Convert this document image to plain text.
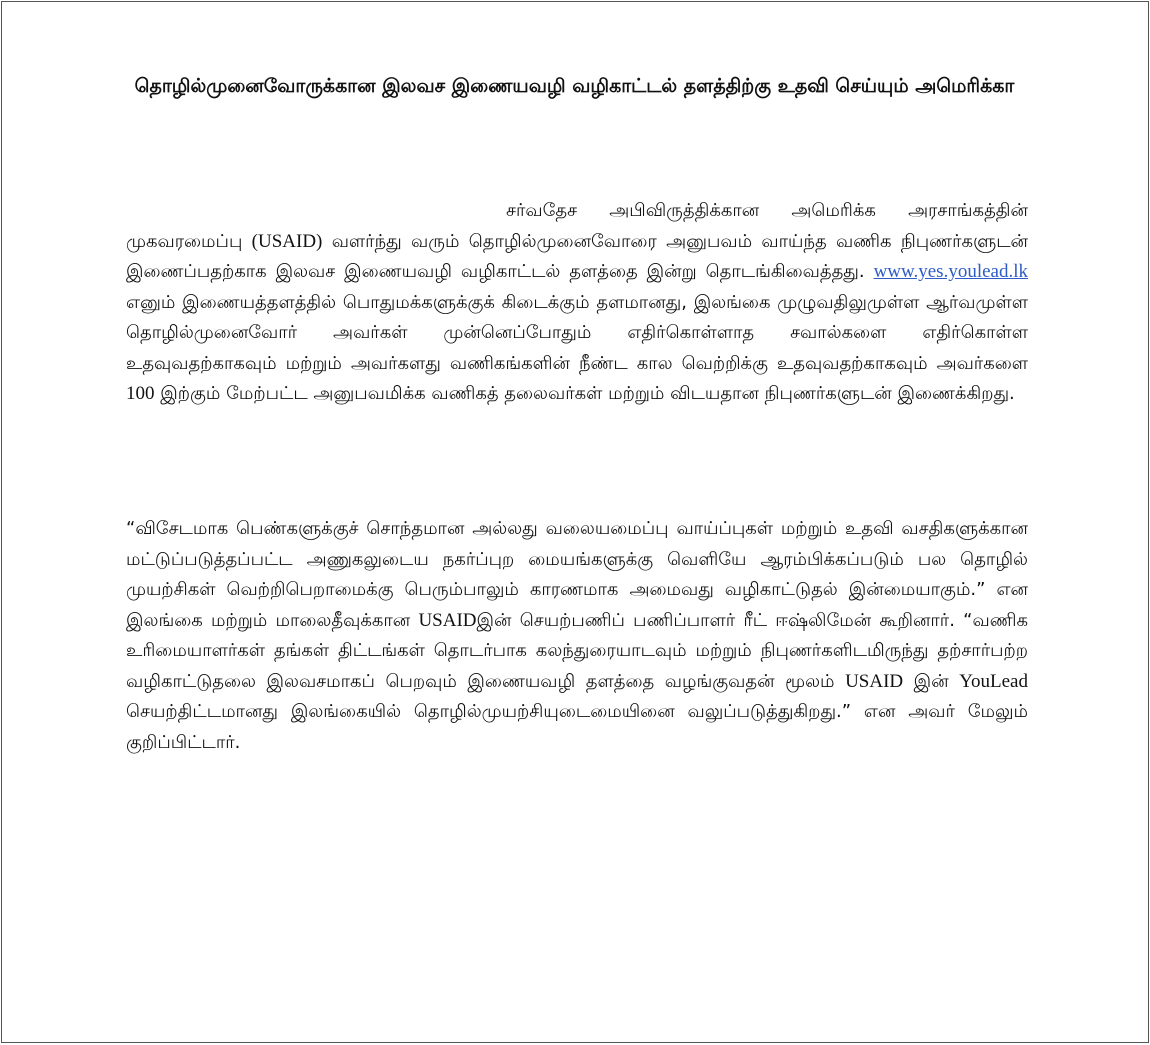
தொழில்முனைவோருக்கான இலவச இணையவழி வழிகாட்டல் தளத்திற்கு உதவி செய்யும் அமெரிக்கா

சர்வதேச அபிவிருத்திக்கான அமெரிக்க அரசாங்கத்தின் முகவரமைப்பு (USAID) வளர்ந்து வரும் தொழில்முனைவோரை அனுபவம் வாய்ந்த வணிக நிபுணர்களுடன் இணைப்பதற்காக இலவச இணையவழி வழிகாட்டல் தளத்தை இன்று தொடங்கிவைத்தது. www.yes.youlead.lk எனும் இணையத்தளத்தில் பொதுமக்களுக்குக் கிடைக்கும் தளமானது, இலங்கை முழுவதிலுமுள்ள ஆர்வமுள்ள தொழில்முனைவோர் அவர்கள் முன்னெப்போதும் எதிர்கொள்ளாத சவால்களை எதிர்கொள்ள உதவுவதற்காகவும் மற்றும் அவர்களது வணிகங்களின் நீண்ட கால வெற்றிக்கு உதவுவதற்காகவும் அவர்களை 100 இற்கும் மேற்பட்ட அனுபவமிக்க வணிகத் தலைவர்கள் மற்றும் விடயதான நிபுணர்களுடன் இணைக்கிறது.

“விசேடமாக பெண்களுக்குச் சொந்தமான அல்லது வலையமைப்பு வாய்ப்புகள் மற்றும் உதவி வசதிகளுக்கான மட்டுப்படுத்தப்பட்ட அணுகலுடைய நகர்ப்புற மையங்களுக்கு வெளியே ஆரம்பிக்கப்படும் பல தொழில் முயற்சிகள் வெற்றிபெறாமைக்கு பெரும்பாலும் காரணமாக அமைவது வழிகாட்டுதல் இன்மையாகும்.” என இலங்கை மற்றும் மாலைதீவுக்கான USAIDஇன் செயற்பணிப் பணிப்பாளர் ரீட் ஈஷ்லிமேன் கூறினார். “வணிக உரிமையாளர்கள் தங்கள் திட்டங்கள் தொடர்பாக கலந்துரையாடவும் மற்றும் நிபுணர்களிடமிருந்து தற்சார்பற்ற வழிகாட்டுதலை இலவசமாகப் பெறவும் இணையவழி தளத்தை வழங்குவதன் மூலம் USAID இன் YouLead செயற்திட்டமானது இலங்கையில் தொழில்முயற்சியுடைமையினை வலுப்படுத்துகிறது.” என அவர் மேலும் குறிப்பிட்டார்.
